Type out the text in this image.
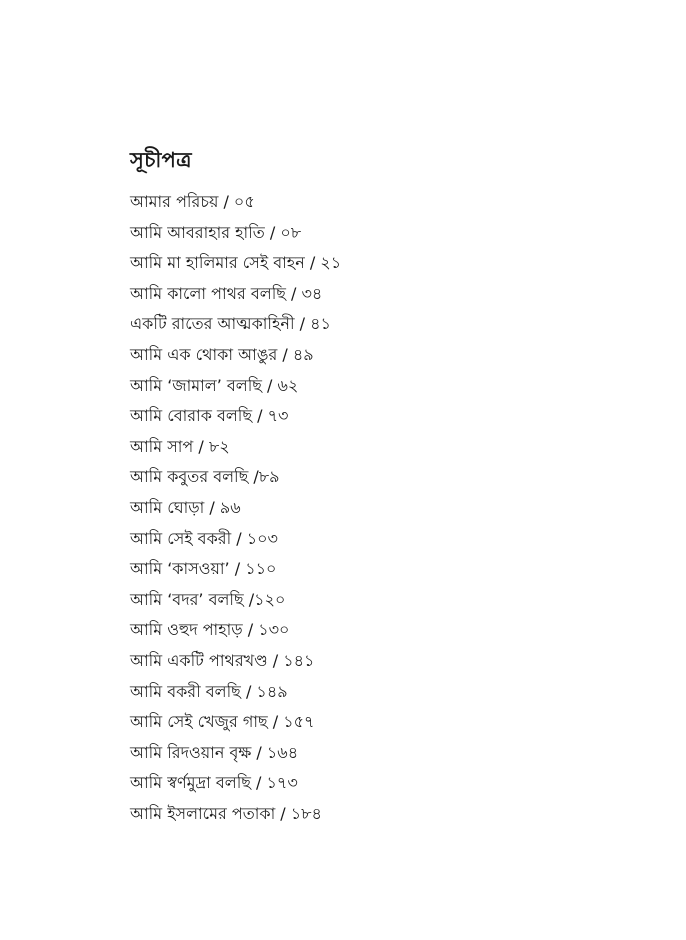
সূচীপত্র
আমার পরিচয় / ০৫
আমি আবরাহার হাতি / ০৮
আমি মা হালিমার সেই বাহন / ২১
আমি কালো পাথর বলছি / ৩৪
একটি রাতের আত্মকাহিনী / ৪১
আমি এক থোকা আঙুর / ৪৯
আমি ‘জামাল’ বলছি / ৬২
আমি বোরাক বলছি / ৭৩
আমি সাপ / ৮২
আমি কবুতর বলছি /৮৯
আমি ঘোড়া / ৯৬
আমি সেই বকরী / ১০৩
আমি ‘কাসওয়া’ / ১১০
আমি ‘বদর’ বলছি /১২০
আমি ওহুদ পাহাড় / ১৩০
আমি একটি পাথরখণ্ড / ১৪১
আমি বকরী বলছি / ১৪৯
আমি সেই খেজুর গাছ / ১৫৭
আমি রিদওয়ান বৃক্ষ / ১৬৪
আমি স্বর্ণমুদ্রা বলছি / ১৭৩
আমি ইসলামের পতাকা / ১৮৪
